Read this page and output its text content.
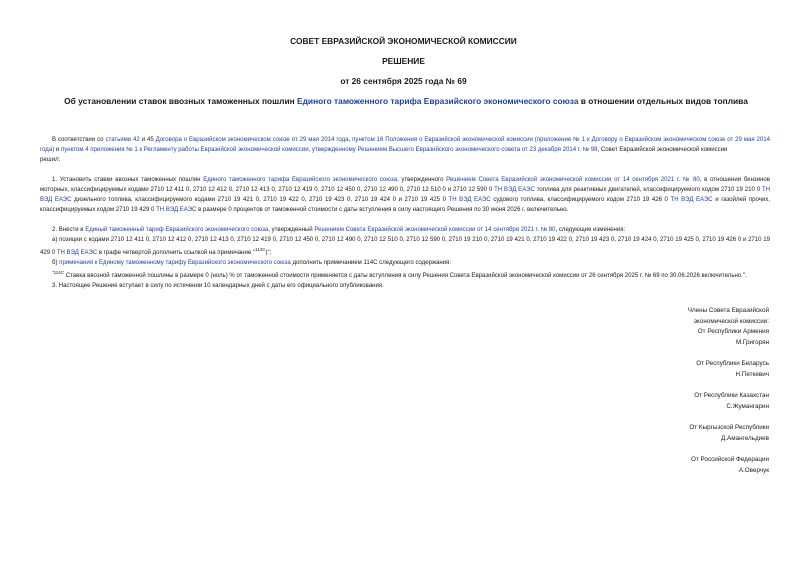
СОВЕТ ЕВРАЗИЙСКОЙ ЭКОНОМИЧЕСКОЙ КОМИССИИ
РЕШЕНИЕ
от 26 сентября 2025 года № 69
Об установлении ставок ввозных таможенных пошлин Единого таможенного тарифа Евразийского экономического союза в отношении отдельных видов топлива

В соответствии со статьями 42 и 45 Договора о Евразийском экономическом союзе от 29 мая 2014 года, пунктом 16 Положения о Евразийской экономической комиссии (приложение № 1 к Договору о Евразийском экономическом союзе от 29 мая 2014 года) и пунктом 4 приложения № 1 к Регламенту работы Евразийской экономической комиссии, утвержденному Решением Высшего Евразийского экономического совета от 23 декабря 2014 г. № 98, Совет Евразийской экономической комиссии

решил:

1. Установить ставки ввозных таможенных пошлин Единого таможенного тарифа Евразийского экономического союза, утвержденного Решением Совета Евразийской экономической комиссии от 14 сентября 2021 г. № 80, в отношении бензинов моторных, классифицируемых кодами 2710 12 411 0, 2710 12 412 0, 2710 12 413 0, 2710 12 419 0, 2710 12 450 0, 2710 12 490 0, 2710 12 510 0 и 2710 12 590 0 ТН ВЭД ЕАЭС топлива для реактивных двигателей, классифицируемого кодом 2710 19 210 0 ТН ВЭД ЕАЭС дизельного топлива, классифицируемого кодами 2710 19 421 0, 2710 19 422 0, 2710 19 423 0, 2710 19 424 0 и 2710 19 425 0 ТН ВЭД ЕАЭС судового топлива, классифицируемого кодом 2710 19 426 0 ТН ВЭД ЕАЭС и газойлей прочих, классифицируемых кодом 2710 19 429 0 ТН ВЭД ЕАЭС в размере 0 процентов от таможенной стоимости с даты вступления в силу настоящего Решения по 30 июня 2026 г. включительно.

2. Внести в Единый таможенный тариф Евразийского экономического союза, утвержденный Решением Совета Евразийской экономической комиссии от 14 сентября 2021 г. № 80, следующие изменения:

а) позиции с кодами 2710 12 411 0, 2710 12 412 0, 2710 12 413 0, 2710 12 419 0, 2710 12 450 0, 2710 12 490 0, 2710 12 510 0, 2710 12 590 0, 2710 19 210 0, 2710 19 421 0, 2710 19 422 0, 2710 19 423 0, 2710 19 424 0, 2710 19 425 0, 2710 19 426 0 и 2710 19 429 0 ТН ВЭД ЕАЭС в графе четвертой дополнить ссылкой на примечание "$^{114С}$)";

б) примечания к Единому таможенному тарифу Евразийского экономического союза дополнить примечанием 114С следующего содержания:

$^{"114С}$ Ставка ввозной таможенной пошлины в размере 0 (ноль) % от таможенной стоимости применяется с даты вступления в силу Решения Совета Евразийской экономической комиссии от 26 сентября 2025 г. № 69 по 30.06.2026 включительно.".

3. Настоящее Решение вступает в силу по истечении 10 календарных дней с даты его официального опубликования.

Члены Совета Евразийской
экономической комиссии:
От Республики Армения
М.Григорян
От Республики Беларусь
Н.Петкевич
От Республики Казахстан
С.Жумангарин
От Кыргызской Республики
Д.Амангельдиев
От Российской Федерации
А.Оверчук
